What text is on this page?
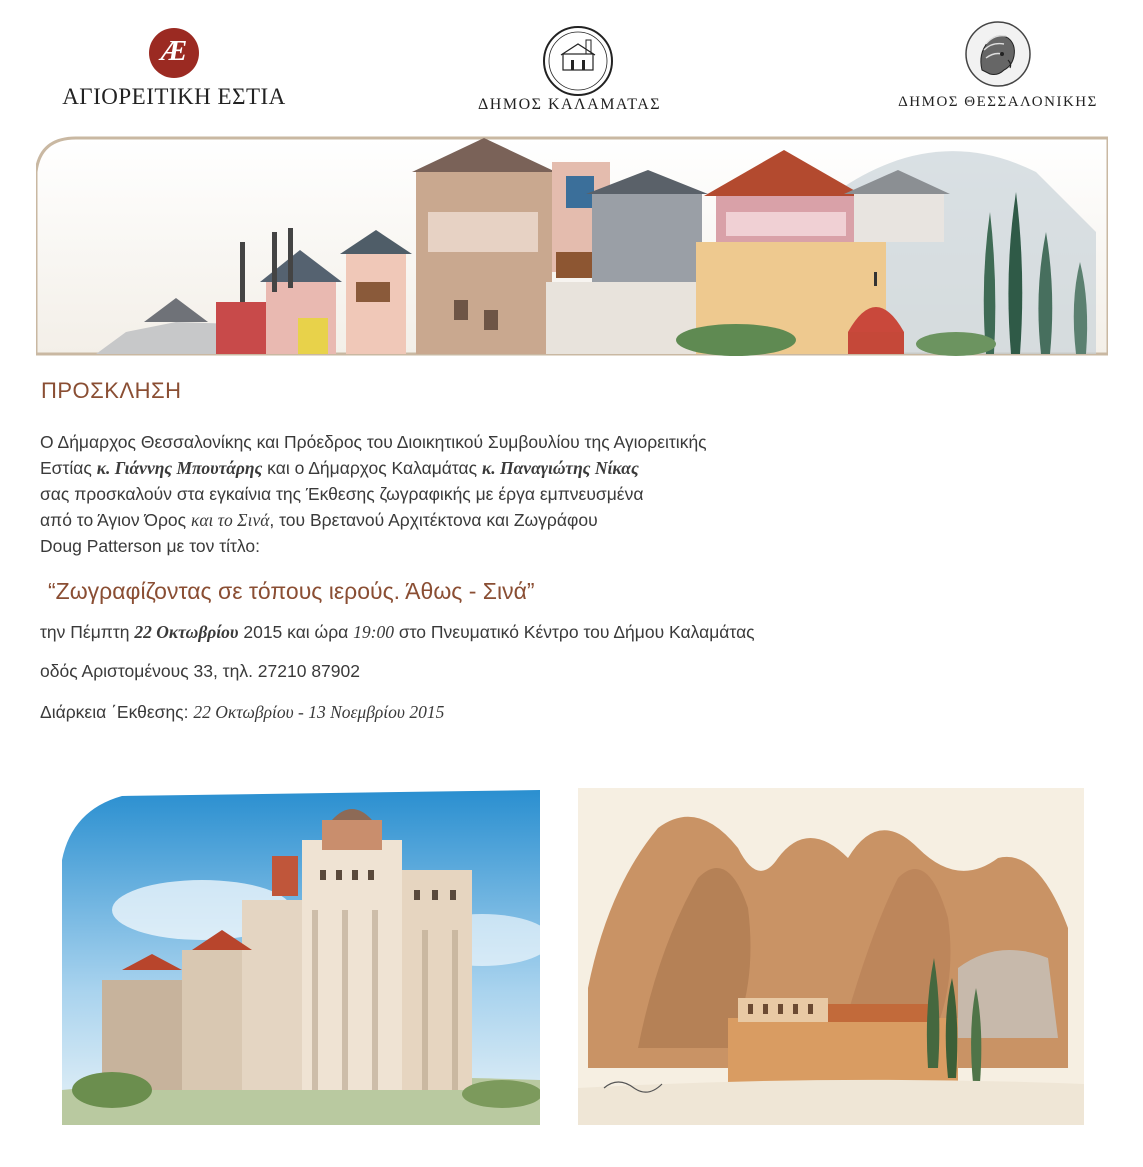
Æ
ΑΓΙΟΡΕΙΤΙΚΗ ΕΣΤΙΑ	ΔΗΜΟΣ ΚΑΛΑΜΑΤΑΣ	ΔΗΜΟΣ ΘΕΣΣΑΛΟΝΙΚΗΣ
ΠΡΟΣΚΛΗΣΗ
Ο Δήμαρχος Θεσσαλονίκης και Πρόεδρος του Διοικητικού Συμβουλίου της Αγιορειτικής
Εστίας κ. Γιάννης Μπουτάρης και ο Δήμαρχος Καλαμάτας κ. Παναγιώτης Νίκας
σας προσκαλούν στα εγκαίνια της Έκθεσης ζωγραφικής με έργα εμπνευσμένα
από το Άγιον Όρος και το Σινά, του Βρετανού Αρχιτέκτονα και Ζωγράφου
Doug Patterson με τον τίτλο:
“Ζωγραφίζοντας σε τόπους ιερούς. Άθως - Σινά”
την Πέμπτη 22 Οκτωβρίου 2015 και ώρα 19:00 στο Πνευματικό Κέντρο του Δήμου Καλαμάτας
οδός Αριστομένους 33, τηλ. 27210 87902
Διάρκεια ΄Εκθεσης: 22 Οκτωβρίου - 13 Νοεμβρίου 2015
